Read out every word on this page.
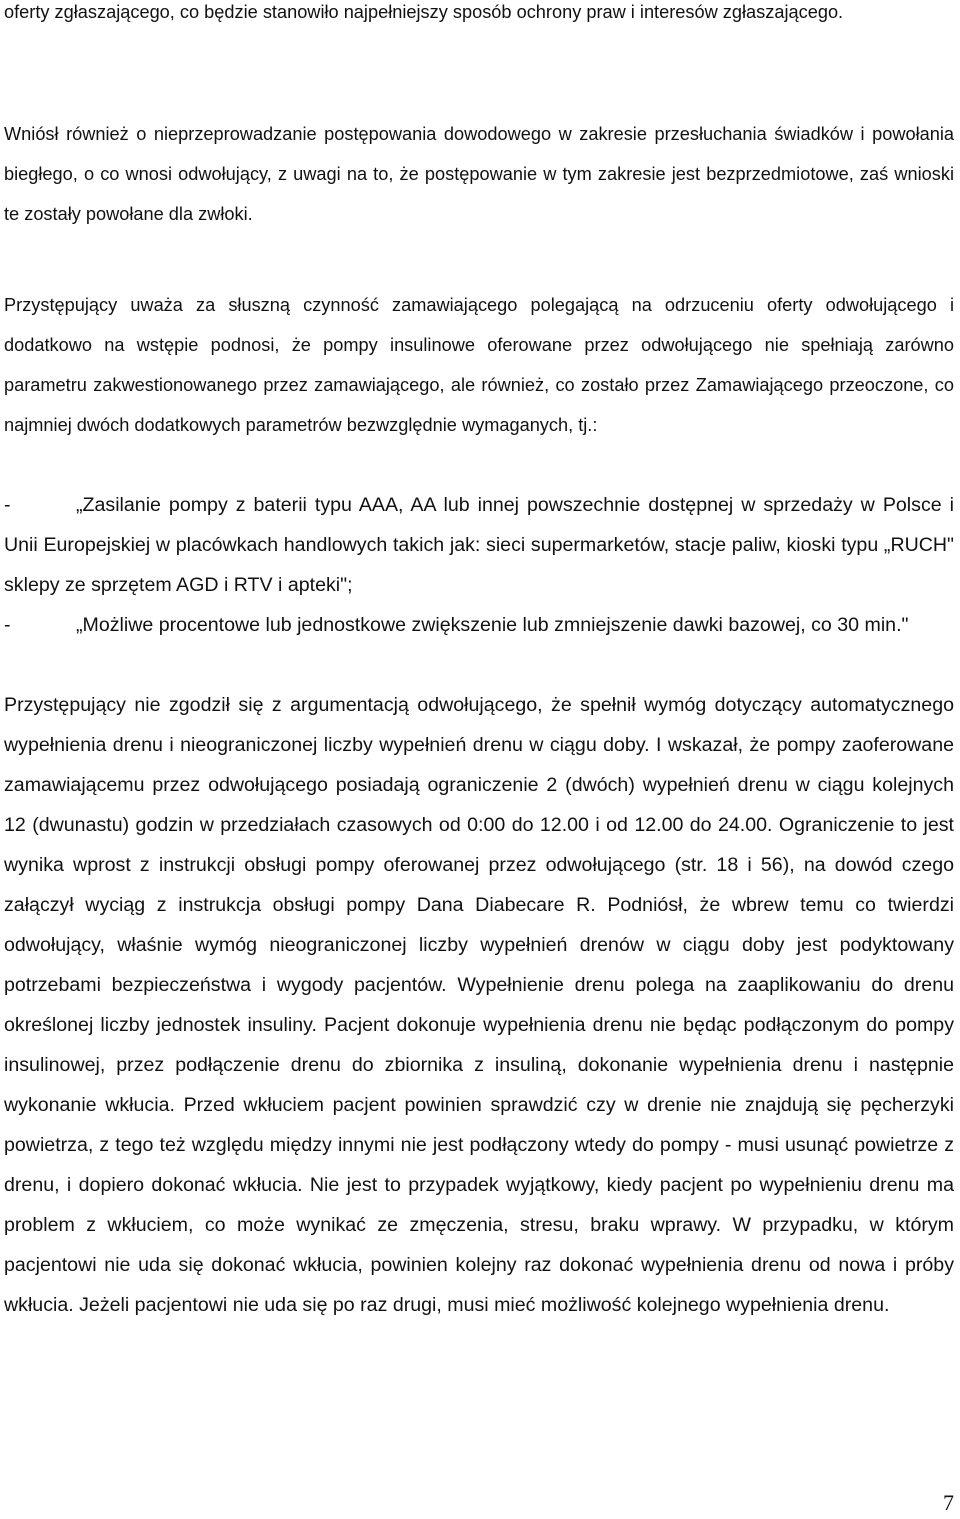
oferty zgłaszającego, co będzie stanowiło najpełniejszy sposób ochrony praw i interesów zgłaszającego.

Wniósł również o nieprzeprowadzanie postępowania dowodowego w zakresie przesłuchania świadków i powołania biegłego, o co wnosi odwołujący, z uwagi na to, że postępowanie w tym zakresie jest bezprzedmiotowe, zaś wnioski te zostały powołane dla zwłoki.

Przystępujący uważa za słuszną czynność zamawiającego polegającą na odrzuceniu oferty odwołującego i dodatkowo na wstępie podnosi, że pompy insulinowe oferowane przez odwołującego nie spełniają zarówno parametru zakwestionowanego przez zamawiającego, ale również, co zostało przez Zamawiającego przeoczone, co najmniej dwóch dodatkowych parametrów bezwzględnie wymaganych, tj.:

-	„Zasilanie pompy z baterii typu AAA, AA lub innej powszechnie dostępnej w sprzedaży w Polsce i Unii Europejskiej w placówkach handlowych takich jak: sieci supermarketów, stacje paliw, kioski typu „RUCH" sklepy ze sprzętem AGD i RTV i apteki";

-	„Możliwe procentowe lub jednostkowe zwiększenie lub zmniejszenie dawki bazowej, co 30 min."

Przystępujący nie zgodził się z argumentacją odwołującego, że spełnił wymóg dotyczący automatycznego wypełnienia drenu i nieograniczonej liczby wypełnień drenu w ciągu doby. I wskazał, że pompy zaoferowane zamawiającemu przez odwołującego posiadają ograniczenie 2 (dwóch) wypełnień drenu w ciągu kolejnych 12 (dwunastu) godzin w przedziałach czasowych od 0:00 do 12.00 i od 12.00 do 24.00. Ograniczenie to jest wynika wprost z instrukcji obsługi pompy oferowanej przez odwołującego (str. 18 i 56), na dowód czego załączył wyciąg z instrukcja obsługi pompy Dana Diabecare R. Podniósł, że wbrew temu co twierdzi odwołujący, właśnie wymóg nieograniczonej liczby wypełnień drenów w ciągu doby jest podyktowany potrzebami bezpieczeństwa i wygody pacjentów. Wypełnienie drenu polega na zaaplikowaniu do drenu określonej liczby jednostek insuliny. Pacjent dokonuje wypełnienia drenu nie będąc podłączonym do pompy insulinowej, przez podłączenie drenu do zbiornika z insuliną, dokonanie wypełnienia drenu i następnie wykonanie wkłucia. Przed wkłuciem pacjent powinien sprawdzić czy w drenie nie znajdują się pęcherzyki powietrza, z tego też względu między innymi nie jest podłączony wtedy do pompy - musi usunąć powietrze z drenu, i dopiero dokonać wkłucia. Nie jest to przypadek wyjątkowy, kiedy pacjent po wypełnieniu drenu ma problem z wkłuciem, co może wynikać ze zmęczenia, stresu, braku wprawy. W przypadku, w którym pacjentowi nie uda się dokonać wkłucia, powinien kolejny raz dokonać wypełnienia drenu od nowa i próby wkłucia. Jeżeli pacjentowi nie uda się po raz drugi, musi mieć możliwość kolejnego wypełnienia drenu.

7
